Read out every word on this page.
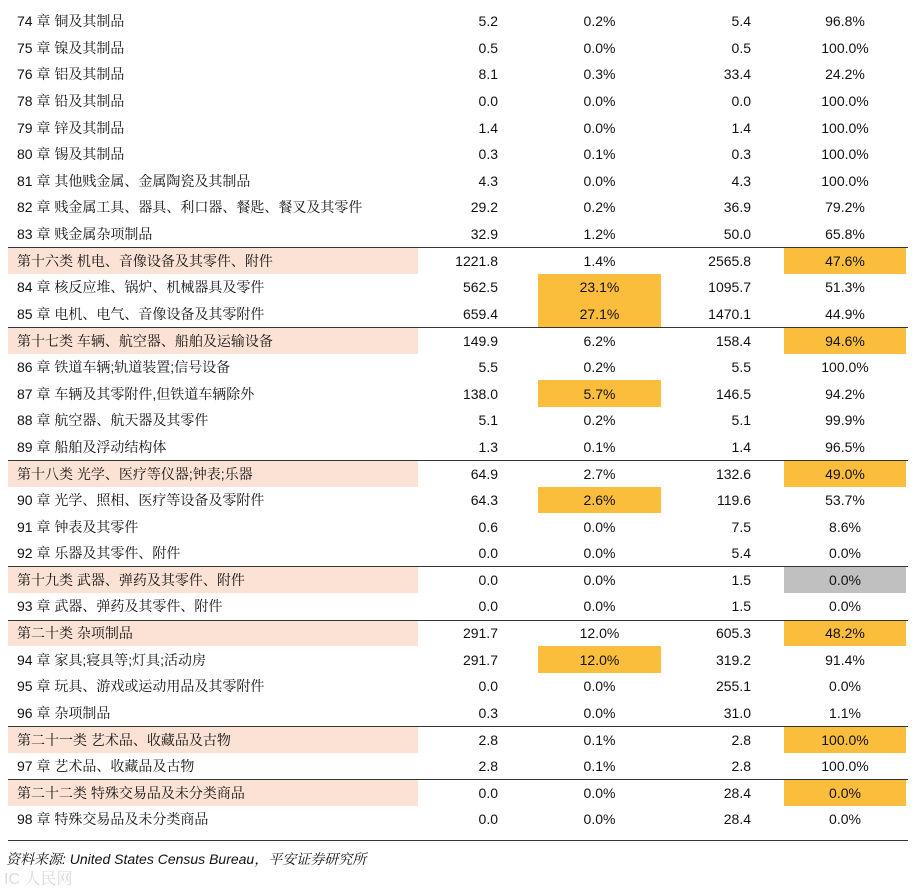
74 章 铜及其制品	5.2	0.2%	5.4	96.8%
75 章 镍及其制品	0.5	0.0%	0.5	100.0%
76 章 铝及其制品	8.1	0.3%	33.4	24.2%
78 章 铅及其制品	0.0	0.0%	0.0	100.0%
79 章 锌及其制品	1.4	0.0%	1.4	100.0%
80 章 锡及其制品	0.3	0.1%	0.3	100.0%
81 章 其他贱金属、金属陶瓷及其制品	4.3	0.0%	4.3	100.0%
82 章 贱金属工具、器具、利口器、餐匙、餐叉及其零件	29.2	0.2%	36.9	79.2%
83 章 贱金属杂项制品	32.9	1.2%	50.0	65.8%
第十六类 机电、音像设备及其零件、附件	1221.8	1.4%	2565.8	47.6%
84 章 核反应堆、锅炉、机械器具及零件	562.5	23.1%	1095.7	51.3%
85 章 电机、电气、音像设备及其零附件	659.4	27.1%	1470.1	44.9%
第十七类 车辆、航空器、船舶及运输设备	149.9	6.2%	158.4	94.6%
86 章 铁道车辆;轨道装置;信号设备	5.5	0.2%	5.5	100.0%
87 章 车辆及其零附件,但铁道车辆除外	138.0	5.7%	146.5	94.2%
88 章 航空器、航天器及其零件	5.1	0.2%	5.1	99.9%
89 章 船舶及浮动结构体	1.3	0.1%	1.4	96.5%
第十八类 光学、医疗等仪器;钟表;乐器	64.9	2.7%	132.6	49.0%
90 章 光学、照相、医疗等设备及零附件	64.3	2.6%	119.6	53.7%
91 章 钟表及其零件	0.6	0.0%	7.5	8.6%
92 章 乐器及其零件、附件	0.0	0.0%	5.4	0.0%
第十九类 武器、弹药及其零件、附件	0.0	0.0%	1.5	0.0%
93 章 武器、弹药及其零件、附件	0.0	0.0%	1.5	0.0%
第二十类 杂项制品	291.7	12.0%	605.3	48.2%
94 章 家具;寝具等;灯具;活动房	291.7	12.0%	319.2	91.4%
95 章 玩具、游戏或运动用品及其零附件	0.0	0.0%	255.1	0.0%
96 章 杂项制品	0.3	0.0%	31.0	1.1%
第二十一类 艺术品、收藏品及古物	2.8	0.1%	2.8	100.0%
97 章 艺术品、收藏品及古物	2.8	0.1%	2.8	100.0%
第二十二类 特殊交易品及未分类商品	0.0	0.0%	28.4	0.0%
98 章 特殊交易品及未分类商品	0.0	0.0%	28.4	0.0%
资料来源: United States Census Bureau，平安证券研究所
IC 人民网
